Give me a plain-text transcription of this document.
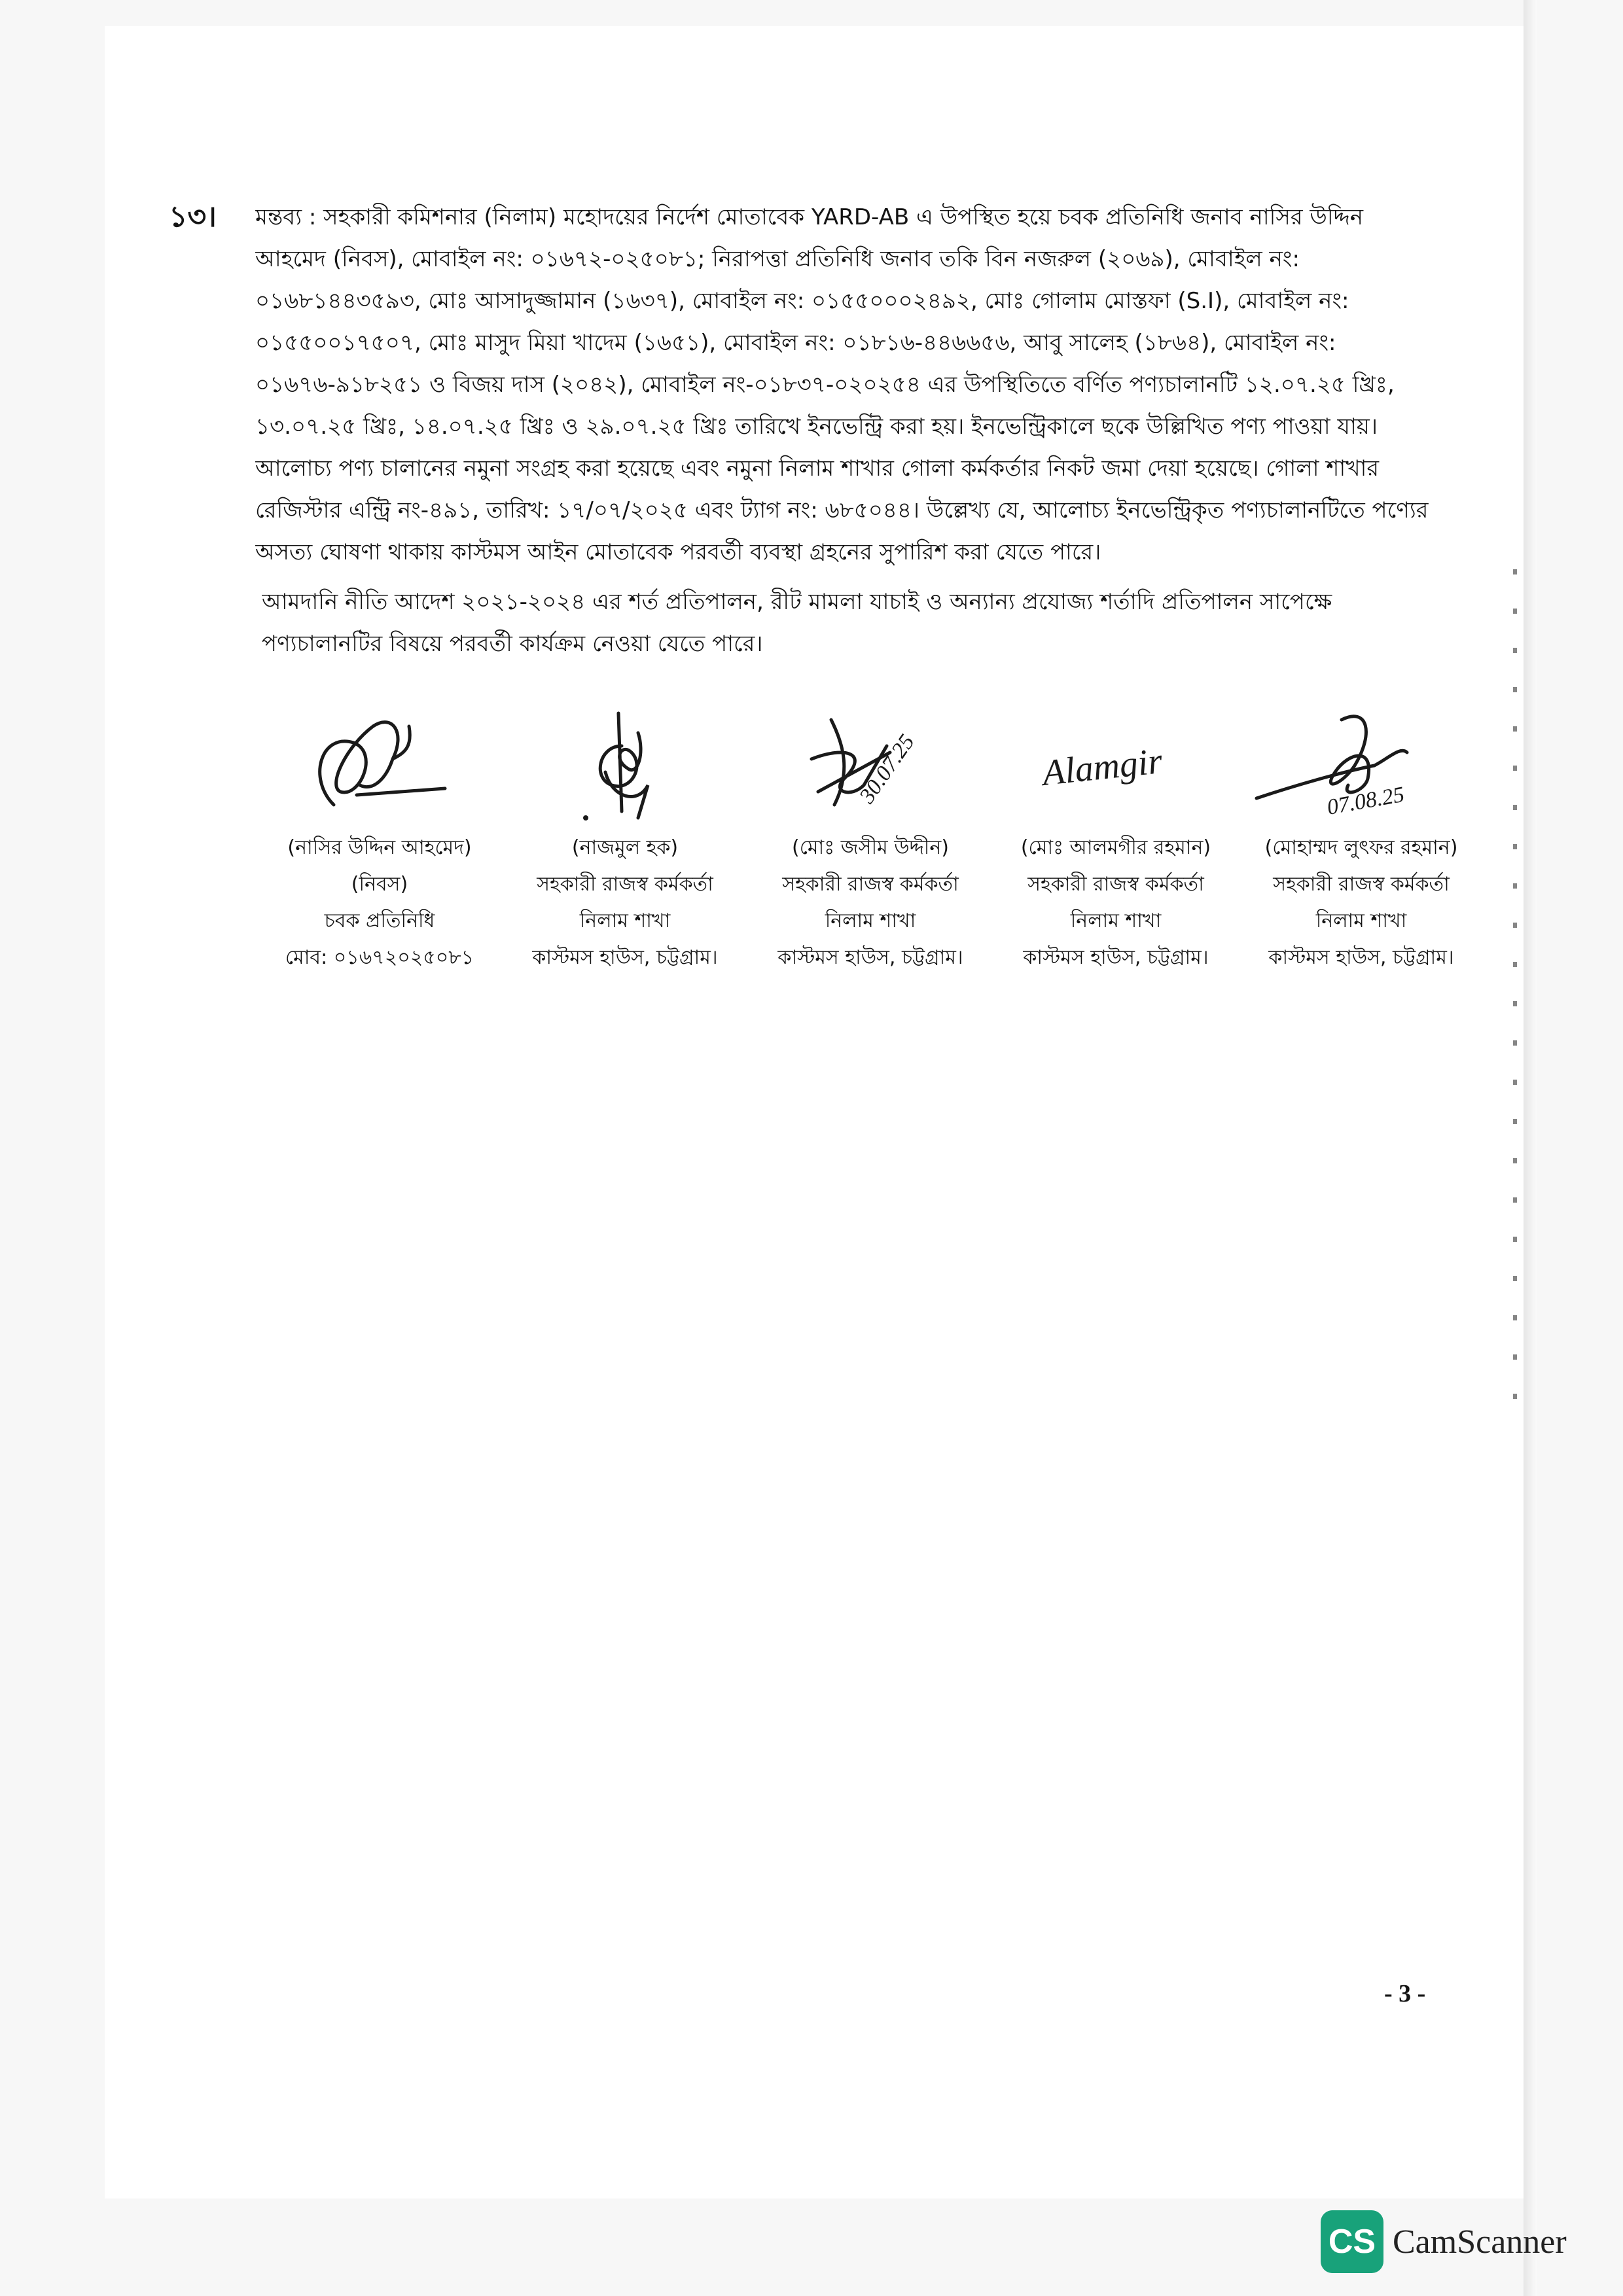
১৩। মন্তব্য : সহকারী কমিশনার (নিলাম) মহোদয়ের নির্দেশ মোতাবেক YARD-AB এ উপস্থিত হয়ে চবক প্রতিনিধি জনাব নাসির উদ্দিন
আহমেদ (নিবস), মোবাইল নং: ০১৬৭২-০২৫০৮১; নিরাপত্তা প্রতিনিধি জনাব তকি বিন নজরুল (২০৬৯), মোবাইল নং:
০১৬৮১৪৪৩৫৯৩, মোঃ আসাদুজ্জামান (১৬৩৭), মোবাইল নং: ০১৫৫০০০২৪৯২, মোঃ গোলাম মোস্তফা (S.I), মোবাইল নং:
০১৫৫০০১৭৫০৭, মোঃ মাসুদ মিয়া খাদেম (১৬৫১), মোবাইল নং: ০১৮১৬-৪৪৬৬৫৬, আবু সালেহ (১৮৬৪), মোবাইল নং:
০১৬৭৬-৯১৮২৫১ ও বিজয় দাস (২০৪২), মোবাইল নং-০১৮৩৭-০২০২৫৪ এর উপস্থিতিতে বর্ণিত পণ্যচালানটি ১২.০৭.২৫ খ্রিঃ,
১৩.০৭.২৫ খ্রিঃ, ১৪.০৭.২৫ খ্রিঃ ও ২৯.০৭.২৫ খ্রিঃ তারিখে ইনভেন্ট্রি করা হয়। ইনভেন্ট্রিকালে ছকে উল্লিখিত পণ্য পাওয়া যায়।
আলোচ্য পণ্য চালানের নমুনা সংগ্রহ করা হয়েছে এবং নমুনা নিলাম শাখার গোলা কর্মকর্তার নিকট জমা দেয়া হয়েছে। গোলা শাখার
রেজিস্টার এন্ট্রি নং-৪৯১, তারিখ: ১৭/০৭/২০২৫ এবং ট্যাগ নং: ৬৮৫০৪৪। উল্লেখ্য যে, আলোচ্য ইনভেন্ট্রিকৃত পণ্যচালানটিতে পণ্যের
অসত্য ঘোষণা থাকায় কাস্টমস আইন মোতাবেক পরবর্তী ব্যবস্থা গ্রহনের সুপারিশ করা যেতে পারে।
আমদানি নীতি আদেশ ২০২১-২০২৪ এর শর্ত প্রতিপালন, রীট মামলা যাচাই ও অন্যান্য প্রযোজ্য শর্তাদি প্রতিপালন সাপেক্ষে
পণ্যচালানটির বিষয়ে পরবর্তী কার্যক্রম নেওয়া যেতে পারে।
(নাসির উদ্দিন আহমেদ)
(নিবস)
চবক প্রতিনিধি
মোব: ০১৬৭২০২৫০৮১
(নাজমুল হক)
সহকারী রাজস্ব কর্মকর্তা
নিলাম শাখা
কাস্টমস হাউস, চট্টগ্রাম।
30.07.25
(মোঃ জসীম উদ্দীন)
সহকারী রাজস্ব কর্মকর্তা
নিলাম শাখা
কাস্টমস হাউস, চট্টগ্রাম।
Alamgir
(মোঃ আলমগীর রহমান)
সহকারী রাজস্ব কর্মকর্তা
নিলাম শাখা
কাস্টমস হাউস, চট্টগ্রাম।
07.08.25
(মোহাম্মদ লুৎফর রহমান)
সহকারী রাজস্ব কর্মকর্তা
নিলাম শাখা
কাস্টমস হাউস, চট্টগ্রাম।
- 3 -
CS CamScanner
